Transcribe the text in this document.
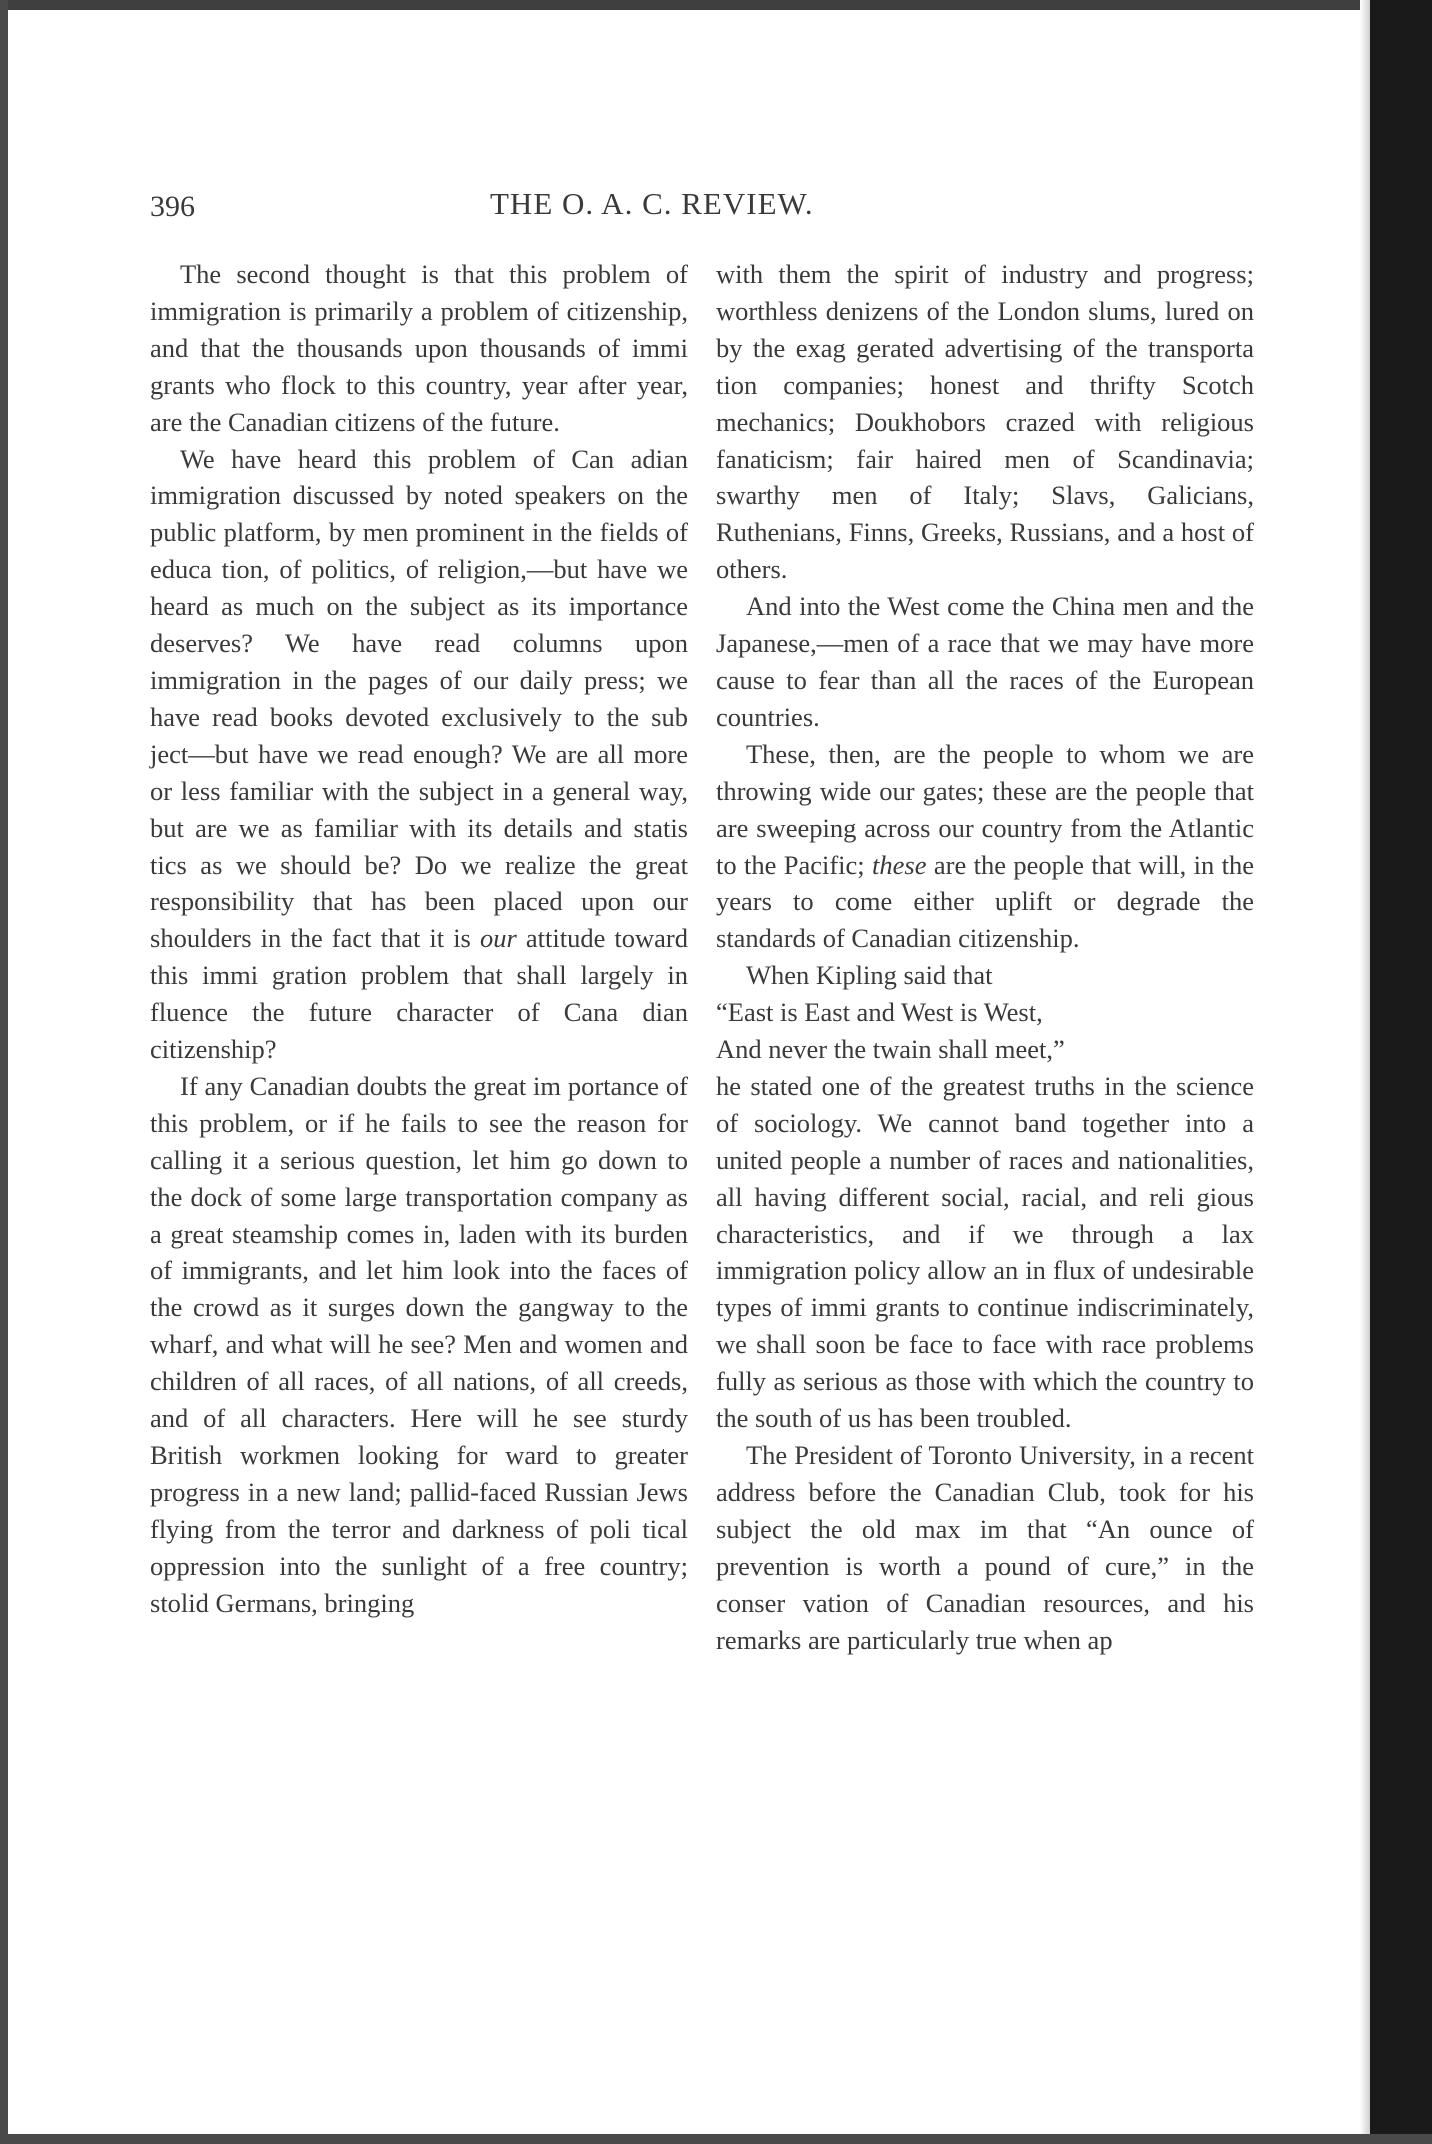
396	THE O. A. C. REVIEW.

The second thought is that this problem of immigration is primarily a problem of citizenship, and that the thousands upon thousands of immi grants who flock to this country, year after year, are the Canadian citizens of the future.

We have heard this problem of Can adian immigration discussed by noted speakers on the public platform, by men prominent in the fields of educa tion, of politics, of religion,—but have we heard as much on the subject as its importance deserves? We have read columns upon immigration in the pages of our daily press; we have read books devoted exclusively to the sub ject—but have we read enough? We are all more or less familiar with the subject in a general way, but are we as familiar with its details and statis tics as we should be? Do we realize the great responsibility that has been placed upon our shoulders in the fact that it is our attitude toward this immi gration problem that shall largely in fluence the future character of Cana dian citizenship?

If any Canadian doubts the great im portance of this problem, or if he fails to see the reason for calling it a serious question, let him go down to the dock of some large transportation company as a great steamship comes in, laden with its burden of immigrants, and let him look into the faces of the crowd as it surges down the gangway to the wharf, and what will he see? Men and women and children of all races, of all nations, of all creeds, and of all characters. Here will he see sturdy British workmen looking for ward to greater progress in a new land; pallid-faced Russian Jews flying from the terror and darkness of poli tical oppression into the sunlight of a free country; stolid Germans, bringing

with them the spirit of industry and progress; worthless denizens of the London slums, lured on by the exag gerated advertising of the transporta tion companies; honest and thrifty Scotch mechanics; Doukhobors crazed with religious fanaticism; fair haired men of Scandinavia; swarthy men of Italy; Slavs, Galicians, Ruthenians, Finns, Greeks, Russians, and a host of others.

And into the West come the China men and the Japanese,—men of a race that we may have more cause to fear than all the races of the European countries.

These, then, are the people to whom we are throwing wide our gates; these are the people that are sweeping across our country from the Atlantic to the Pacific; these are the people that will, in the years to come either uplift or degrade the standards of Canadian citizenship.

When Kipling said that

“East is East and West is West,

And never the twain shall meet,”

he stated one of the greatest truths in the science of sociology. We cannot band together into a united people a number of races and nationalities, all having different social, racial, and reli gious characteristics, and if we through a lax immigration policy allow an in flux of undesirable types of immi grants to continue indiscriminately, we shall soon be face to face with race problems fully as serious as those with which the country to the south of us has been troubled.

The President of Toronto University, in a recent address before the Canadian Club, took for his subject the old max im that “An ounce of prevention is worth a pound of cure,” in the conser vation of Canadian resources, and his remarks are particularly true when ap
